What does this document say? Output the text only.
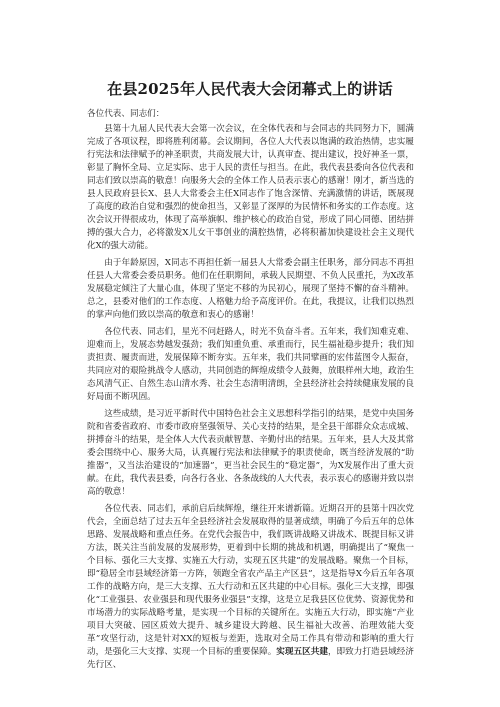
在县2025年人民代表大会闭幕式上的讲话

各位代表、同志们：

县第十九届人民代表大会第一次会议，在全体代表和与会同志的共同努力下，圆满完成了各项议程，即将胜利闭幕。会议期间，各位人大代表以饱满的政治热情，忠实履行宪法和法律赋予的神圣职责，共商发展大计，认真审查、提出建议，投好神圣一票，彰显了胸怀全局、立足实际、忠于人民的责任与担当。在此，我代表县委向各位代表和同志们致以崇高的敬意！向服务大会的全体工作人员表示衷心的感谢！刚才，新当选的县人民政府县长X、县人大常委会主任X同志作了饱含深情、充满激情的讲话，既展现了高度的政治自觉和强烈的使命担当，又彰显了深厚的为民情怀和务实的工作态度。这次会议开得很成功，体现了高举旗帜、维护核心的政治自觉，形成了同心同德、团结拼搏的强大合力，必将激发X儿女干事创业的满腔热情，必将积蓄加快建设社会主义现代化X的强大动能。

由于年龄原因，X同志不再担任新一届县人大常委会副主任职务，部分同志不再担任县人大常委会委员职务。他们在任职期间，承载人民期望、不负人民重托，为X改革发展稳定倾注了大量心血，体现了坚定不移的为民初心，展现了坚持不懈的奋斗精神。总之，县委对他们的工作态度、人格魅力给予高度评价。在此，我提议，让我们以热烈的掌声向他们致以崇高的敬意和衷心的感谢！

各位代表、同志们，星光不问赶路人，时光不负奋斗者。五年来，我们知难克难、迎难而上，发展态势越发强劲；我们知重负重、承重而行，民生福祉稳步提升；我们知责担责、履责而进，发展保障不断夯实。五年来，我们共同擘画的宏伟蓝图令人振奋，共同应对的艰险挑战令人感动，共同创造的辉煌成绩令人鼓舞，放眼样州大地，政治生态风清气正、自然生态山清水秀、社会生态清明清朗，全县经济社会持续健康发展的良好局面不断巩固。

这些成绩，是习近平新时代中国特色社会主义思想科学指引的结果，是党中央国务院和省委省政府、市委市政府坚强领导、关心支持的结果，是全县干部群众众志成城、拼搏奋斗的结果，是全体人大代表贡献智慧、辛勤付出的结果。五年来，县人大及其常委会围绕中心、服务大局，认真履行宪法和法律赋予的职责使命，既当经济发展的“助推器”，又当法治建设的“加速器”，更当社会民生的“稳定器”，为X发展作出了重大贡献。在此，我代表县委，向各行各业、各条战线的人大代表，表示衷心的感谢并致以崇高的敬意！

各位代表、同志们，承前启后续辉煌，继往开来谱新篇。近期召开的县第十四次党代会，全面总结了过去五年全县经济社会发展取得的显著成绩，明确了今后五年的总体思路、发展战略和重点任务。在党代会报告中，我们既讲战略又讲战术、既提目标又讲方法，既关注当前发展的发展形势，更着到中长期的挑战和机遇，明确提出了“聚焦一个目标、强化三大支撑、实施五大行动，实现五区共建”的发展战略。聚焦一个目标，即“稳居全市县域经济第一方阵，领跑全省农产品主产区县”，这是指导X今后五年各项工作的战略方向，是三大支撑、五大行动和五区共建的中心目标。强化三大支撑，即强化“工业强县、农业强县和现代服务业强县”支撑，这是立足我县区位优势、资源优势和市场潜力的实际战略考量，是实现一个目标的关键所在。实施五大行动，即实施“产业项目大突破、园区质效大提升、城乡建设大跨越、民生福祉大改善、治理效能大变革”攻坚行动，这是针对XX的短板与差距，选取对全局工作具有带动和影响的重大行动，是强化三大支撑、实现一个目标的重要保障。实现五区共建，即致力打造县域经济先行区、
